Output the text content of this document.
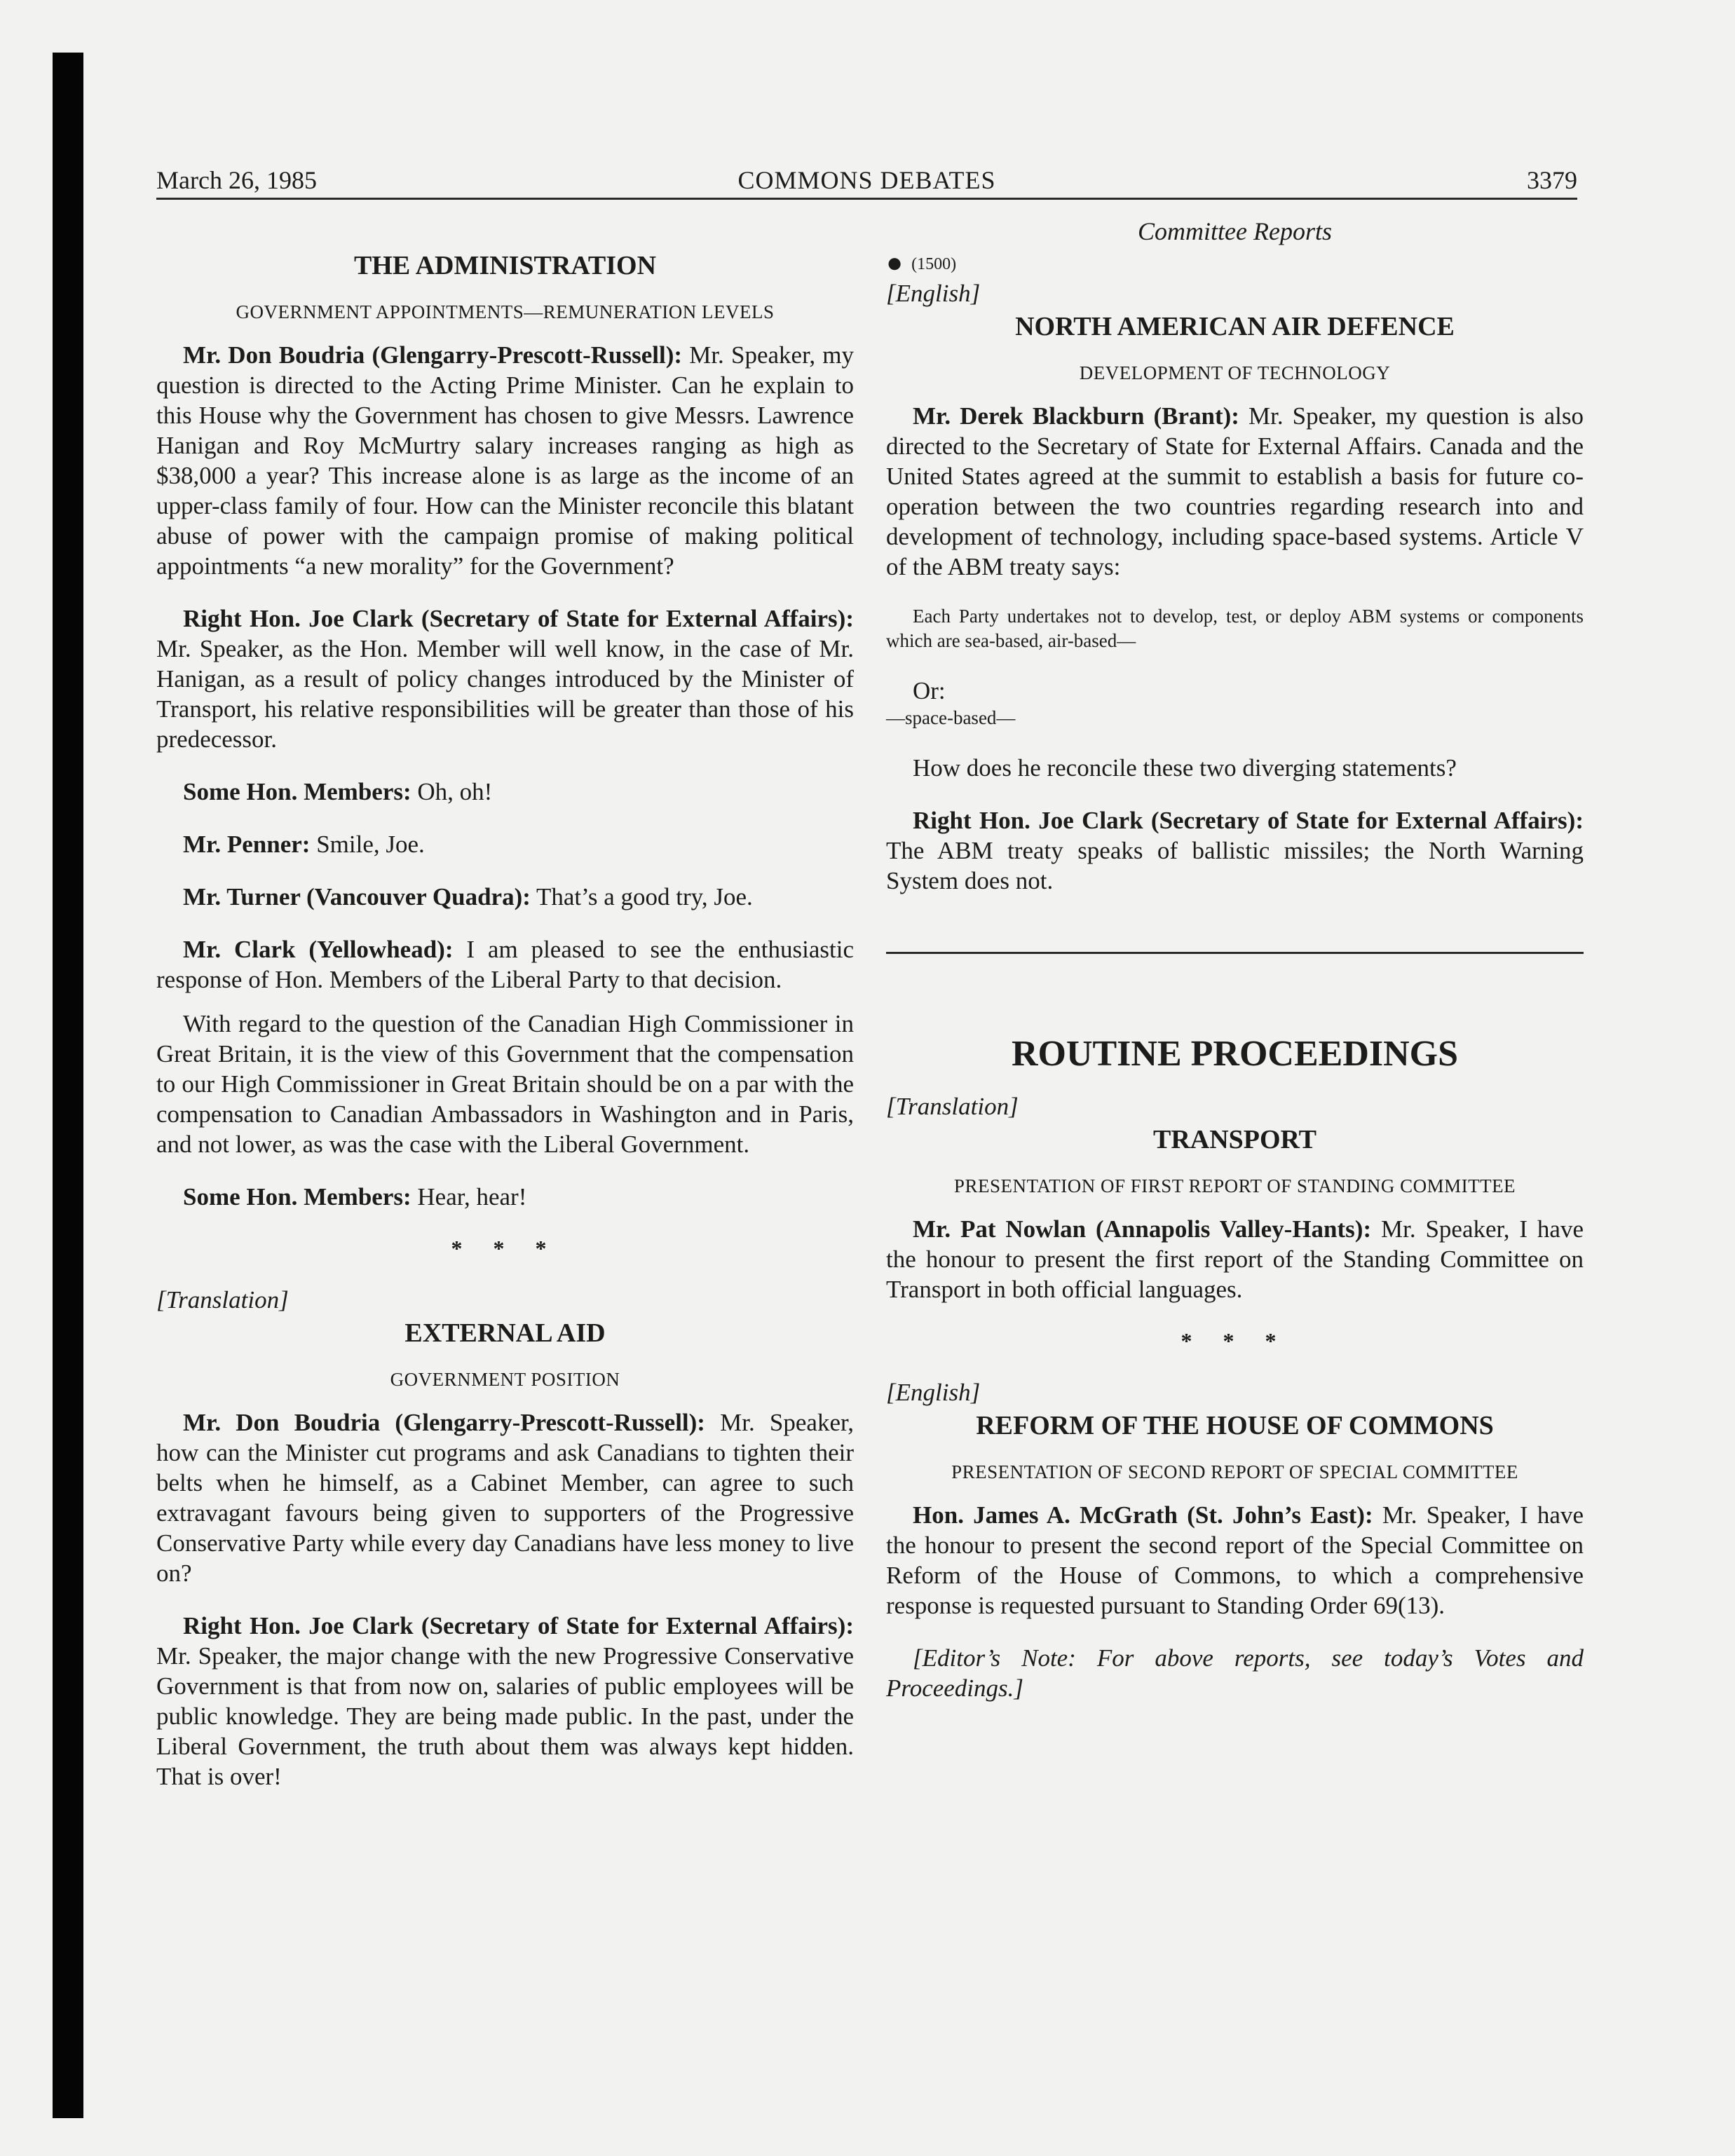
March 26, 1985	COMMONS DEBATES	3379

THE ADMINISTRATION

GOVERNMENT APPOINTMENTS—REMUNERATION LEVELS

Mr. Don Boudria (Glengarry-Prescott-Russell): Mr. Speaker, my question is directed to the Acting Prime Minister. Can he explain to this House why the Government has chosen to give Messrs. Lawrence Hanigan and Roy McMurtry salary increases ranging as high as $38,000 a year? This increase alone is as large as the income of an upper-class family of four. How can the Minister reconcile this blatant abuse of power with the campaign promise of making political appointments “a new morality” for the Government?

Right Hon. Joe Clark (Secretary of State for External Affairs): Mr. Speaker, as the Hon. Member will well know, in the case of Mr. Hanigan, as a result of policy changes introduced by the Minister of Transport, his relative responsibilities will be greater than those of his predecessor.

Some Hon. Members: Oh, oh!

Mr. Penner: Smile, Joe.

Mr. Turner (Vancouver Quadra): That’s a good try, Joe.

Mr. Clark (Yellowhead): I am pleased to see the enthusiastic response of Hon. Members of the Liberal Party to that decision.

With regard to the question of the Canadian High Commissioner in Great Britain, it is the view of this Government that the compensation to our High Commissioner in Great Britain should be on a par with the compensation to Canadian Ambassadors in Washington and in Paris, and not lower, as was the case with the Liberal Government.

Some Hon. Members: Hear, hear!

* * *

[Translation]

EXTERNAL AID

GOVERNMENT POSITION

Mr. Don Boudria (Glengarry-Prescott-Russell): Mr. Speaker, how can the Minister cut programs and ask Canadians to tighten their belts when he himself, as a Cabinet Member, can agree to such extravagant favours being given to supporters of the Progressive Conservative Party while every day Canadians have less money to live on?

Right Hon. Joe Clark (Secretary of State for External Affairs): Mr. Speaker, the major change with the new Progressive Conservative Government is that from now on, salaries of public employees will be public knowledge. They are being made public. In the past, under the Liberal Government, the truth about them was always kept hidden. That is over!

Committee Reports

● (1500)

[English]

NORTH AMERICAN AIR DEFENCE

DEVELOPMENT OF TECHNOLOGY

Mr. Derek Blackburn (Brant): Mr. Speaker, my question is also directed to the Secretary of State for External Affairs. Canada and the United States agreed at the summit to establish a basis for future co-operation between the two countries regarding research into and development of technology, including space-based systems. Article V of the ABM treaty says:

Each Party undertakes not to develop, test, or deploy ABM systems or components which are sea-based, air-based—

Or:

—space-based—

How does he reconcile these two diverging statements?

Right Hon. Joe Clark (Secretary of State for External Affairs): The ABM treaty speaks of ballistic missiles; the North Warning System does not.

ROUTINE PROCEEDINGS

[Translation]

TRANSPORT

PRESENTATION OF FIRST REPORT OF STANDING COMMITTEE

Mr. Pat Nowlan (Annapolis Valley-Hants): Mr. Speaker, I have the honour to present the first report of the Standing Committee on Transport in both official languages.

* * *

[English]

REFORM OF THE HOUSE OF COMMONS

PRESENTATION OF SECOND REPORT OF SPECIAL COMMITTEE

Hon. James A. McGrath (St. John’s East): Mr. Speaker, I have the honour to present the second report of the Special Committee on Reform of the House of Commons, to which a comprehensive response is requested pursuant to Standing Order 69(13).

[Editor’s Note: For above reports, see today’s Votes and Proceedings.]
